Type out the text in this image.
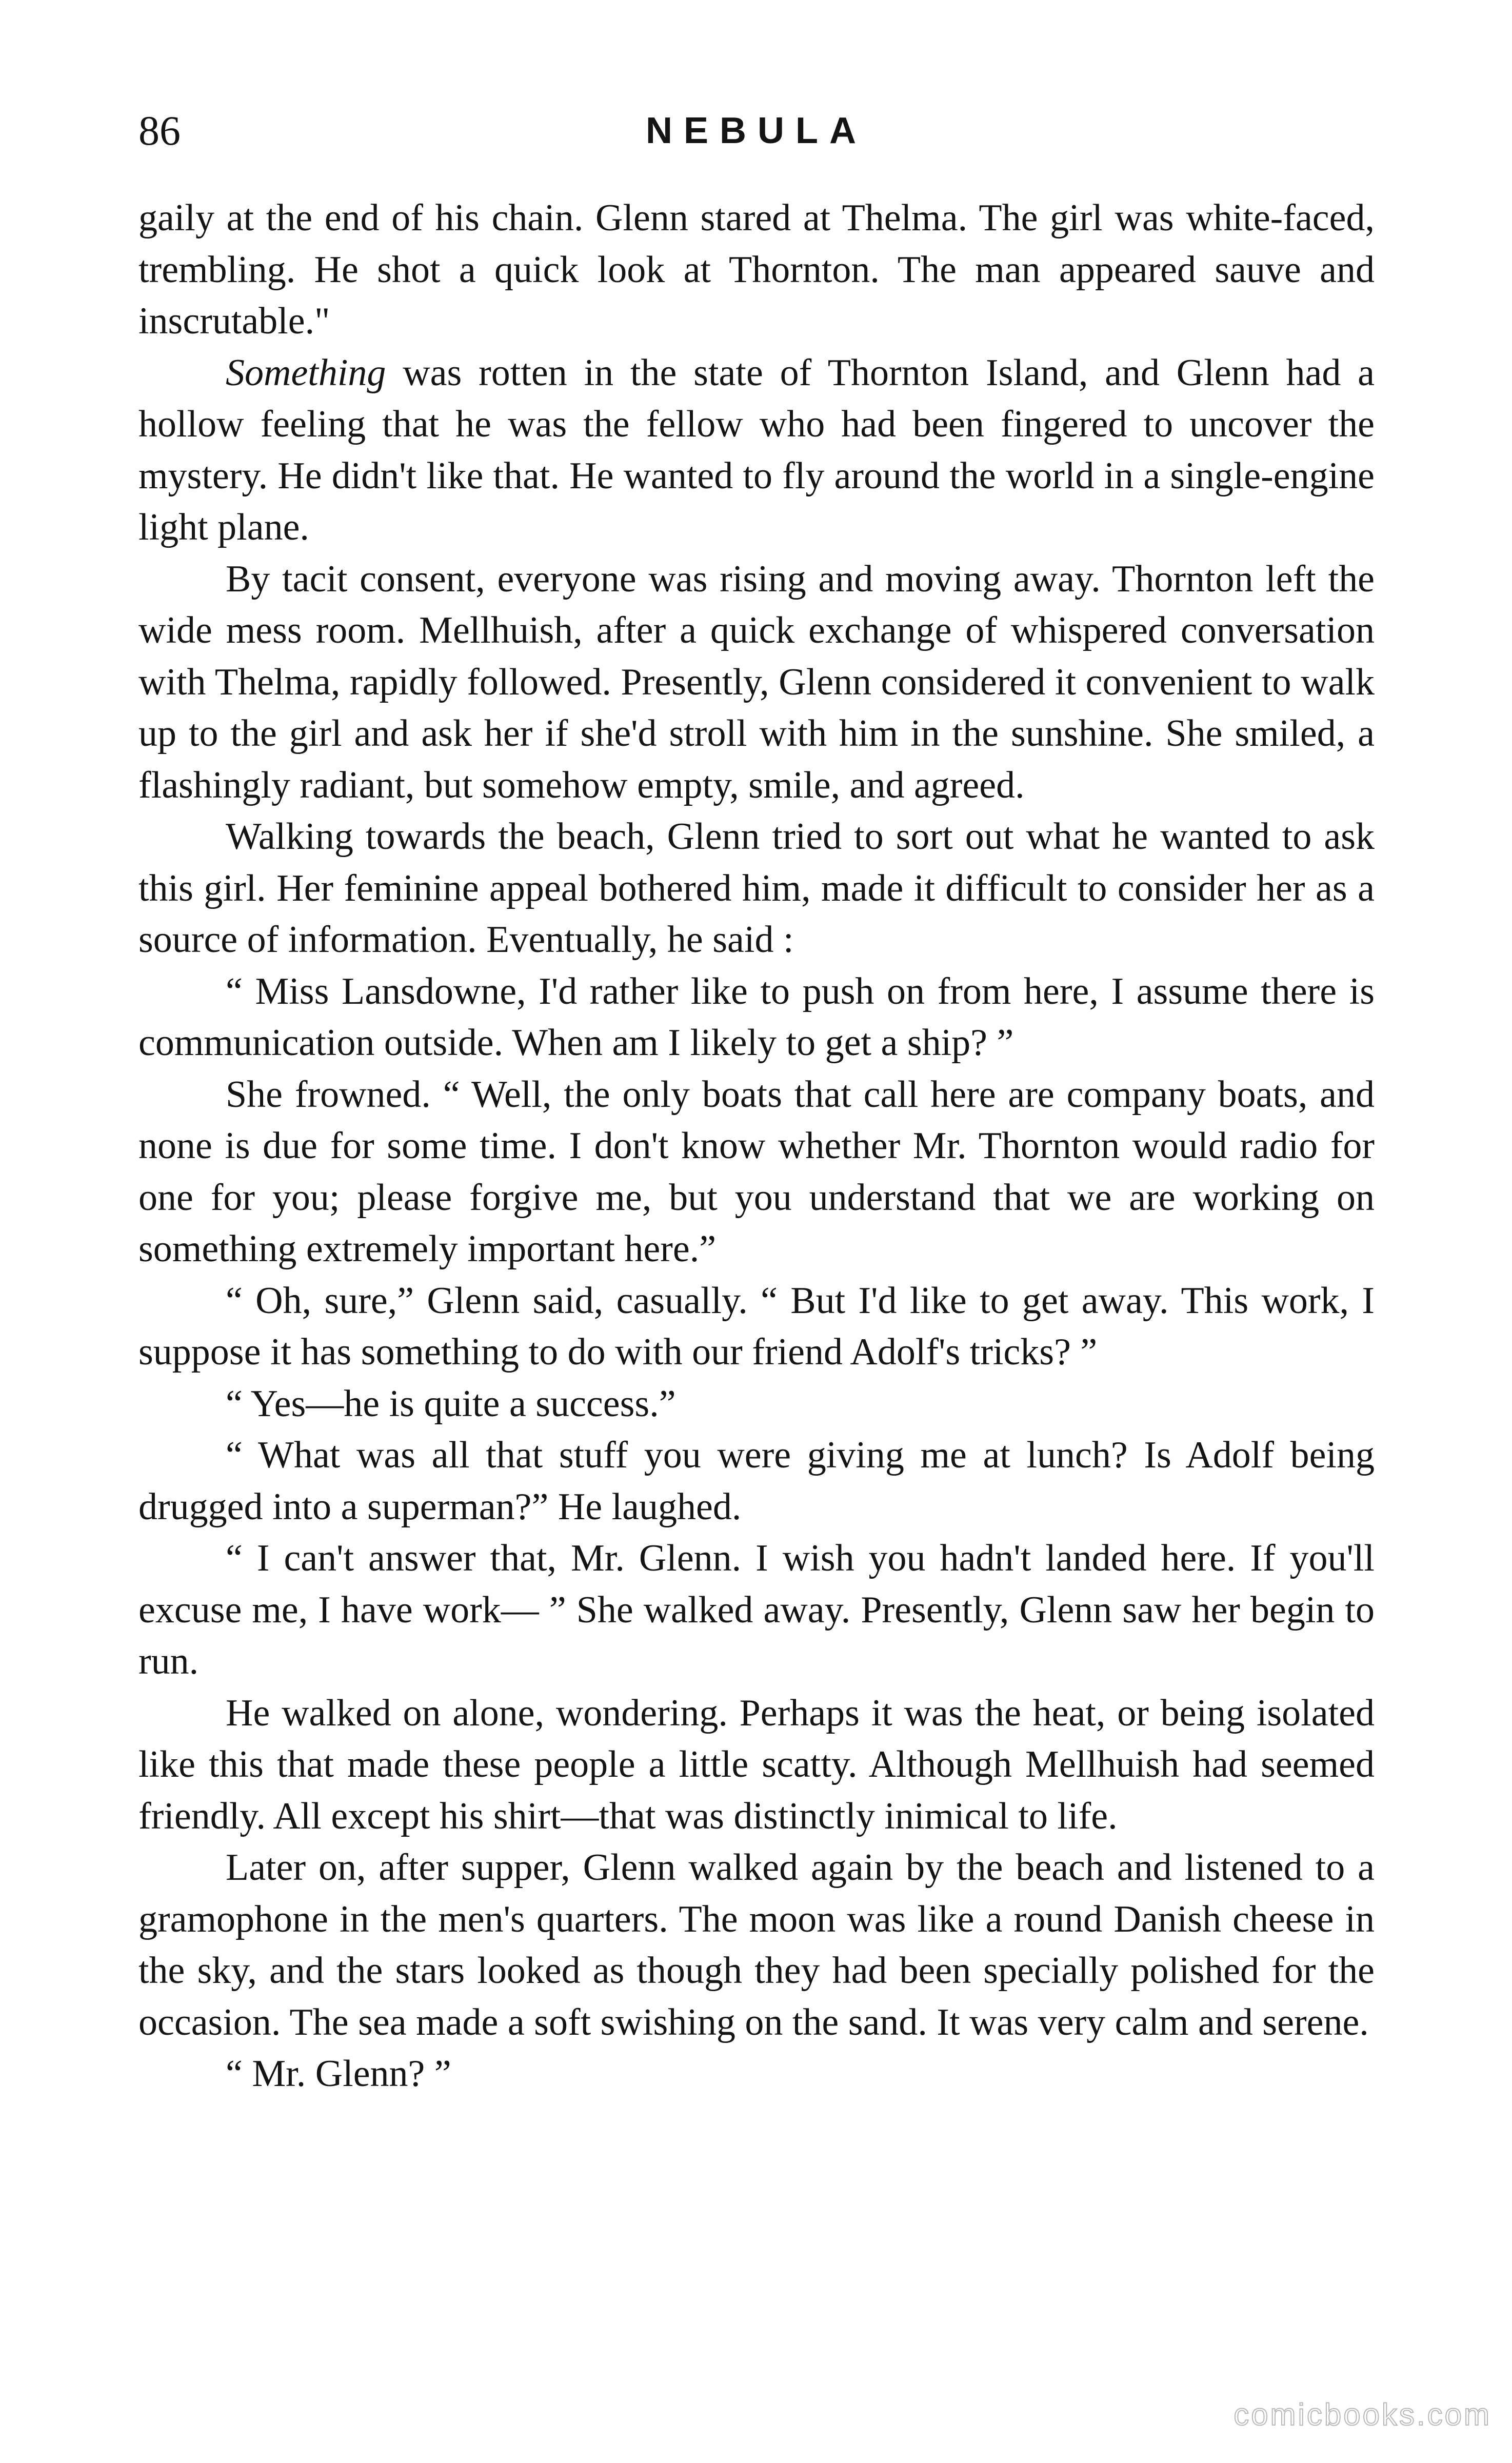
86	NEBULA

gaily at the end of his chain. Glenn stared at Thelma. The girl was white-faced, trembling. He shot a quick look at Thornton. The man appeared sauve and inscrutable."

Something was rotten in the state of Thornton Island, and Glenn had a hollow feeling that he was the fellow who had been fingered to uncover the mystery. He didn't like that. He wanted to fly around the world in a single-engine light plane.

By tacit consent, everyone was rising and moving away. Thornton left the wide mess room. Mellhuish, after a quick exchange of whispered conversation with Thelma, rapidly followed. Presently, Glenn considered it convenient to walk up to the girl and ask her if she'd stroll with him in the sunshine. She smiled, a flashingly radiant, but somehow empty, smile, and agreed.

Walking towards the beach, Glenn tried to sort out what he wanted to ask this girl. Her feminine appeal bothered him, made it difficult to consider her as a source of information. Eventually, he said :

“ Miss Lansdowne, I'd rather like to push on from here, I assume there is communication outside. When am I likely to get a ship? ”

She frowned. “ Well, the only boats that call here are company boats, and none is due for some time. I don't know whether Mr. Thornton would radio for one for you; please forgive me, but you understand that we are working on something extremely important here.”

“ Oh, sure,” Glenn said, casually. “ But I'd like to get away. This work, I suppose it has something to do with our friend Adolf's tricks? ”

“ Yes—he is quite a success.”

“ What was all that stuff you were giving me at lunch? Is Adolf being drugged into a superman?” He laughed.

“ I can't answer that, Mr. Glenn. I wish you hadn't landed here. If you'll excuse me, I have work— ” She walked away. Presently, Glenn saw her begin to run.

He walked on alone, wondering. Perhaps it was the heat, or being isolated like this that made these people a little scatty. Although Mellhuish had seemed friendly. All except his shirt—that was distinctly inimical to life.

Later on, after supper, Glenn walked again by the beach and listened to a gramophone in the men's quarters. The moon was like a round Danish cheese in the sky, and the stars looked as though they had been specially polished for the occasion. The sea made a soft swishing on the sand. It was very calm and serene.

“ Mr. Glenn? ”

comicbooks.com
